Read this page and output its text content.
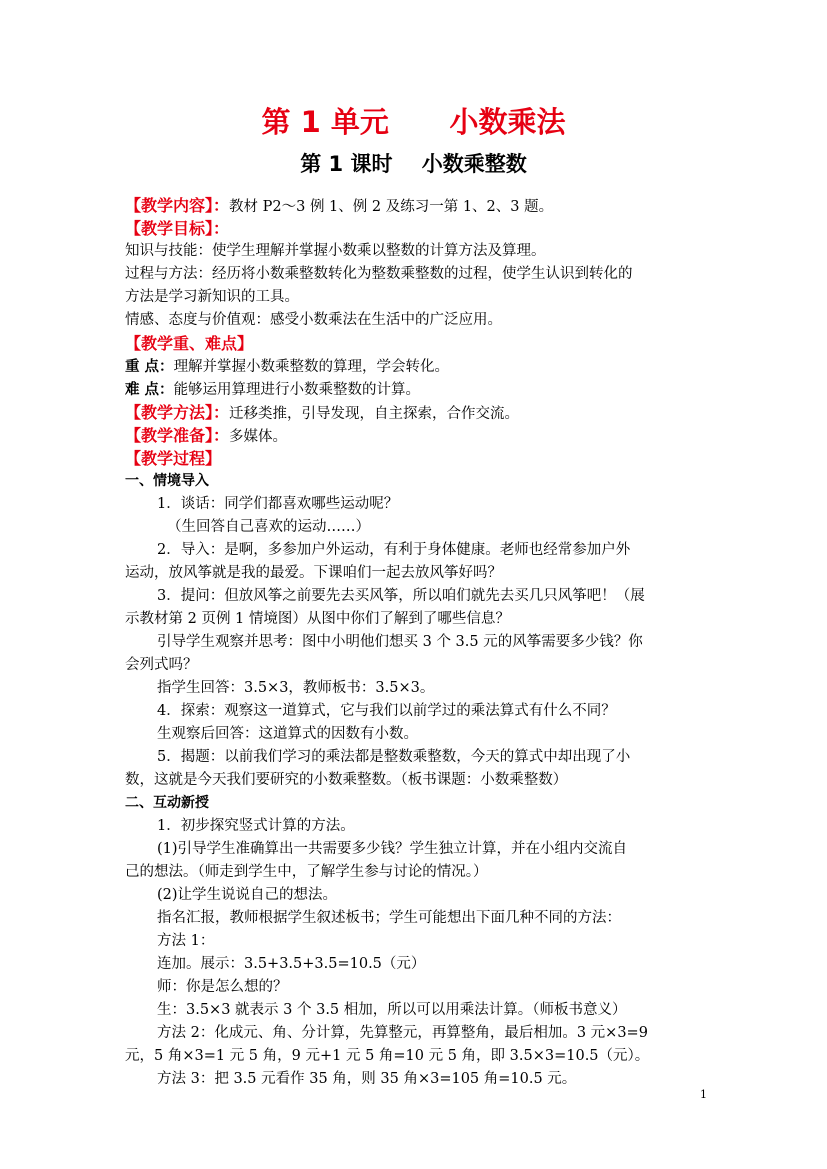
第 1 单元      小数乘法
第 1 课时    小数乘整数
【教学内容】：教材 P2～3 例 1、例 2 及练习一第 1、2、3 题。
【教学目标】：
知识与技能：使学生理解并掌握小数乘以整数的计算方法及算理。
过程与方法：经历将小数乘整数转化为整数乘整数的过程，使学生认识到转化的
方法是学习新知识的工具。
情感、态度与价值观：感受小数乘法在生活中的广泛应用。
【教学重、难点】
重 点：理解并掌握小数乘整数的算理，学会转化。
难 点：能够运用算理进行小数乘整数的计算。
【教学方法】：迁移类推，引导发现，自主探索，合作交流。
【教学准备】：多媒体。
【教学过程】
一、情境导入
1．谈话：同学们都喜欢哪些运动呢？
（生回答自己喜欢的运动……）
2．导入：是啊，多参加户外运动，有利于身体健康。老师也经常参加户外
运动，放风筝就是我的最爱。下课咱们一起去放风筝好吗？
3．提问：但放风筝之前要先去买风筝，所以咱们就先去买几只风筝吧！（展
示教材第 2 页例 1 情境图）从图中你们了解到了哪些信息？
引导学生观察并思考：图中小明他们想买 3 个 3.5 元的风筝需要多少钱？你
会列式吗？
指学生回答：3.5×3，教师板书：3.5×3。
4．探索：观察这一道算式，它与我们以前学过的乘法算式有什么不同？
生观察后回答：这道算式的因数有小数。
5．揭题：以前我们学习的乘法都是整数乘整数，今天的算式中却出现了小
数，这就是今天我们要研究的小数乘整数。（板书课题：小数乘整数）
二、互动新授
1．初步探究竖式计算的方法。
(1)引导学生准确算出一共需要多少钱？学生独立计算，并在小组内交流自
己的想法。（师走到学生中，了解学生参与讨论的情况。）
(2)让学生说说自己的想法。
指名汇报，教师根据学生叙述板书；学生可能想出下面几种不同的方法：
方法 1：
连加。展示：3.5+3.5+3.5=10.5（元）
师：你是怎么想的？
生：3.5×3 就表示 3 个 3.5 相加，所以可以用乘法计算。（师板书意义）
方法 2：化成元、角、分计算，先算整元，再算整角，最后相加。3 元×3=9
元，5 角×3=1 元 5 角，9 元+1 元 5 角=10 元 5 角，即 3.5×3=10.5（元）。
方法 3：把 3.5 元看作 35 角，则 35 角×3=105 角=10.5 元。
1
